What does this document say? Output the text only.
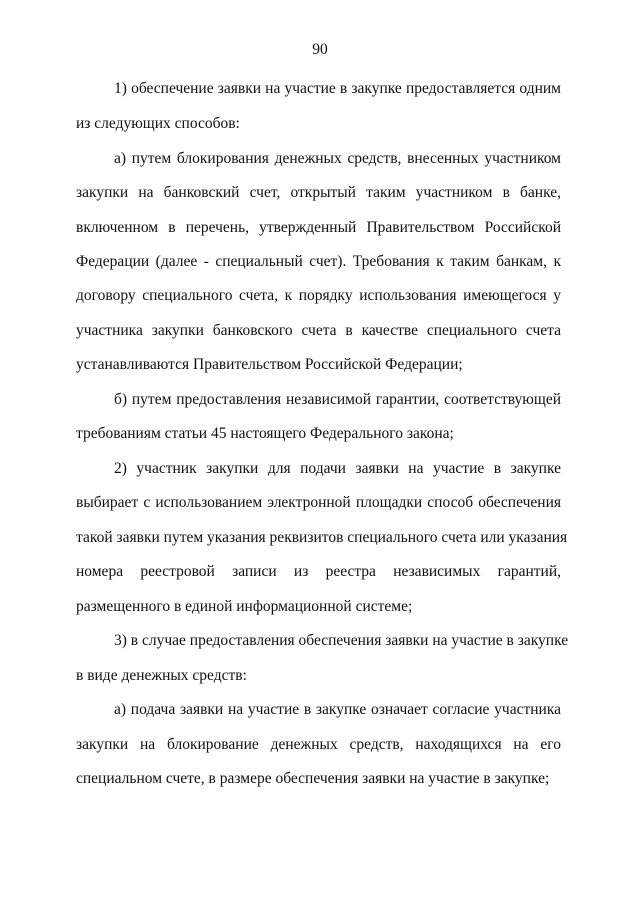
90
1) обеспечение заявки на участие в закупке предоставляется одним
из следующих способов:
а) путем блокирования денежных средств, внесенных участником
закупки на банковский счет, открытый таким участником в банке,
включенном в перечень, утвержденный Правительством Российской
Федерации (далее - специальный счет). Требования к таким банкам, к
договору специального счета, к порядку использования имеющегося у
участника закупки банковского счета в качестве специального счета
устанавливаются Правительством Российской Федерации;
б) путем предоставления независимой гарантии, соответствующей
требованиям статьи 45 настоящего Федерального закона;
2) участник закупки для подачи заявки на участие в закупке
выбирает с использованием электронной площадки способ обеспечения
такой заявки путем указания реквизитов специального счета или указания
номера реестровой записи из реестра независимых гарантий,
размещенного в единой информационной системе;
3) в случае предоставления обеспечения заявки на участие в закупке
в виде денежных средств:
а) подача заявки на участие в закупке означает согласие участника
закупки на блокирование денежных средств, находящихся на его
специальном счете, в размере обеспечения заявки на участие в закупке;
